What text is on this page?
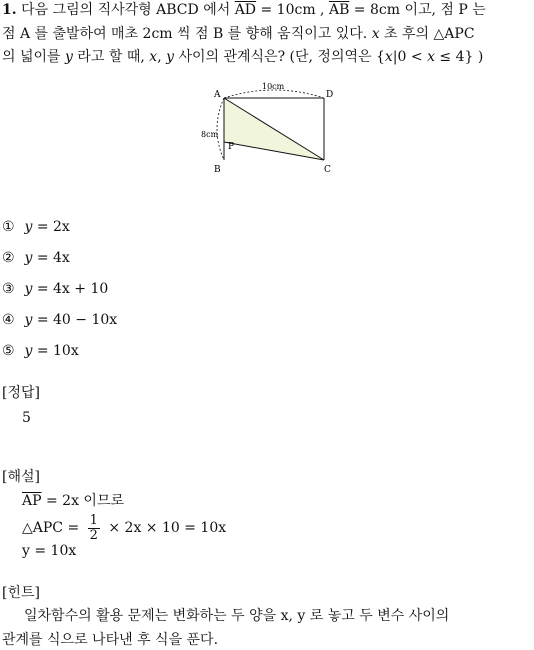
1. 다음 그림의 직사각형 ABCD 에서 $\overline{AD} = 10cm$ , $\overline{AB} = 8cm$ 이고, 점 P 는
점 A 를 출발하여 매초 2cm 씩 점 B 를 향해 움직이고 있다. x 초 후의 △APC
의 넓이를 y 라고 할 때, x, y 사이의 관계식은? (단, 정의역은 {x|0 < x ≤ 4} )
A	D
B	C
P
10cm
8cm
① y = 2x
② y = 4x
③ y = 4x + 10
④ y = 40 − 10x
⑤ y = 10x
[정답]
5
[해설]
$\overline{AP} = 2x$ 이므로
△APC = $\frac{1}{2} \times 2x \times 10 = 10x$
y = 10x
[힌트]
일차함수의 활용 문제는 변화하는 두 양을 x, y 로 놓고 두 변수 사이의
관계를 식으로 나타낸 후 식을 푼다.
